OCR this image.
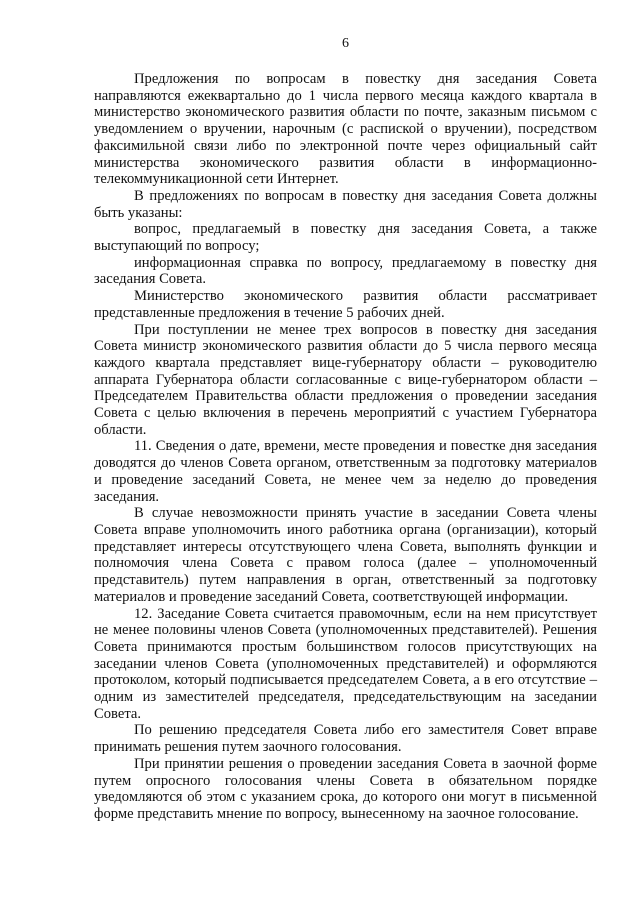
6

Предложения по вопросам в повестку дня заседания Совета направляются ежеквартально до 1 числа первого месяца каждого квартала в министерство экономического развития области по почте, заказным письмом с уведомлением о вручении, нарочным (с распиской о вручении), посредством факсимильной связи либо по электронной почте через официальный сайт министерства экономического развития области в информационно-телекоммуникационной сети Интернет.

В предложениях по вопросам в повестку дня заседания Совета должны быть указаны:

вопрос, предлагаемый в повестку дня заседания Совета, а также выступающий по вопросу;

информационная справка по вопросу, предлагаемому в повестку дня заседания Совета.

Министерство экономического развития области рассматривает представленные предложения в течение 5 рабочих дней.

При поступлении не менее трех вопросов в повестку дня заседания Совета министр экономического развития области до 5 числа первого месяца каждого квартала представляет вице-губернатору области – руководителю аппарата Губернатора области согласованные с вице-губернатором области – Председателем Правительства области предложения о проведении заседания Совета с целью включения в перечень мероприятий с участием Губернатора области.

11. Сведения о дате, времени, месте проведения и повестке дня заседания доводятся до членов Совета органом, ответственным за подготовку материалов и проведение заседаний Совета, не менее чем за неделю до проведения заседания.

В случае невозможности принять участие в заседании Совета члены Совета вправе уполномочить иного работника органа (организации), который представляет интересы отсутствующего члена Совета, выполнять функции и полномочия члена Совета с правом голоса (далее – уполномоченный представитель) путем направления в орган, ответственный за подготовку материалов и проведение заседаний Совета, соответствующей информации.

12. Заседание Совета считается правомочным, если на нем присутствует не менее половины членов Совета (уполномоченных представителей). Решения Совета принимаются простым большинством голосов присутствующих на заседании членов Совета (уполномоченных представителей) и оформляются протоколом, который подписывается председателем Совета, а в его отсутствие – одним из заместителей председателя, председательствующим на заседании Совета.

По решению председателя Совета либо его заместителя Совет вправе принимать решения путем заочного голосования.

При принятии решения о проведении заседания Совета в заочной форме путем опросного голосования члены Совета в обязательном порядке уведомляются об этом с указанием срока, до которого они могут в письменной форме представить мнение по вопросу, вынесенному на заочное голосование.
